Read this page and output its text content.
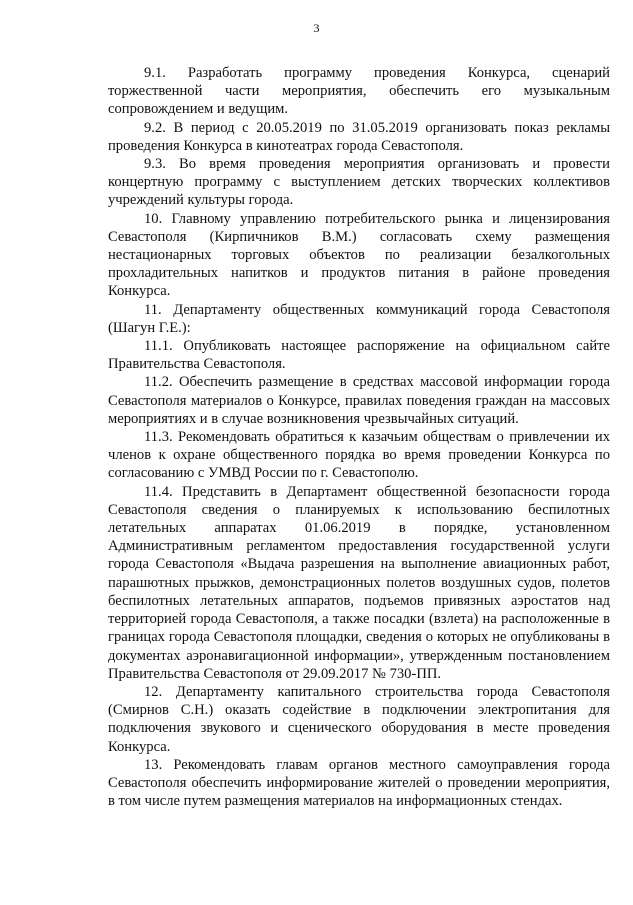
3

9.1. Разработать программу проведения Конкурса, сценарий торжественной части мероприятия, обеспечить его музыкальным сопровождением и ведущим.

9.2. В период с 20.05.2019 по 31.05.2019 организовать показ рекламы проведения Конкурса в кинотеатрах города Севастополя.

9.3. Во время проведения мероприятия организовать и провести концертную программу с выступлением детских творческих коллективов учреждений культуры города.

10. Главному управлению потребительского рынка и лицензирования Севастополя (Кирпичников В.М.) согласовать схему размещения нестационарных торговых объектов по реализации безалкогольных прохладительных напитков и продуктов питания в районе проведения Конкурса.

11. Департаменту общественных коммуникаций города Севастополя (Шагун Г.Е.):

11.1. Опубликовать настоящее распоряжение на официальном сайте Правительства Севастополя.

11.2. Обеспечить размещение в средствах массовой информации города Севастополя материалов о Конкурсе, правилах поведения граждан на массовых мероприятиях и в случае возникновения чрезвычайных ситуаций.

11.3. Рекомендовать обратиться к казачьим обществам о привлечении их членов к охране общественного порядка во время проведении Конкурса по согласованию с УМВД России по г. Севастополю.

11.4. Представить в Департамент общественной безопасности города Севастополя сведения о планируемых к использованию беспилотных летательных аппаратах 01.06.2019 в порядке, установленном Административным регламентом предоставления государственной услуги города Севастополя «Выдача разрешения на выполнение авиационных работ, парашютных прыжков, демонстрационных полетов воздушных судов, полетов беспилотных летательных аппаратов, подъемов привязных аэростатов над территорией города Севастополя, а также посадки (взлета) на расположенные в границах города Севастополя площадки, сведения о которых не опубликованы в документах аэронавигационной информации», утвержденным постановлением Правительства Севастополя от 29.09.2017 № 730-ПП.

12. Департаменту капитального строительства города Севастополя (Смирнов С.Н.) оказать содействие в подключении электропитания для подключения звукового и сценического оборудования в месте проведения Конкурса.

13. Рекомендовать главам органов местного самоуправления города Севастополя обеспечить информирование жителей о проведении мероприятия, в том числе путем размещения материалов на информационных стендах.
